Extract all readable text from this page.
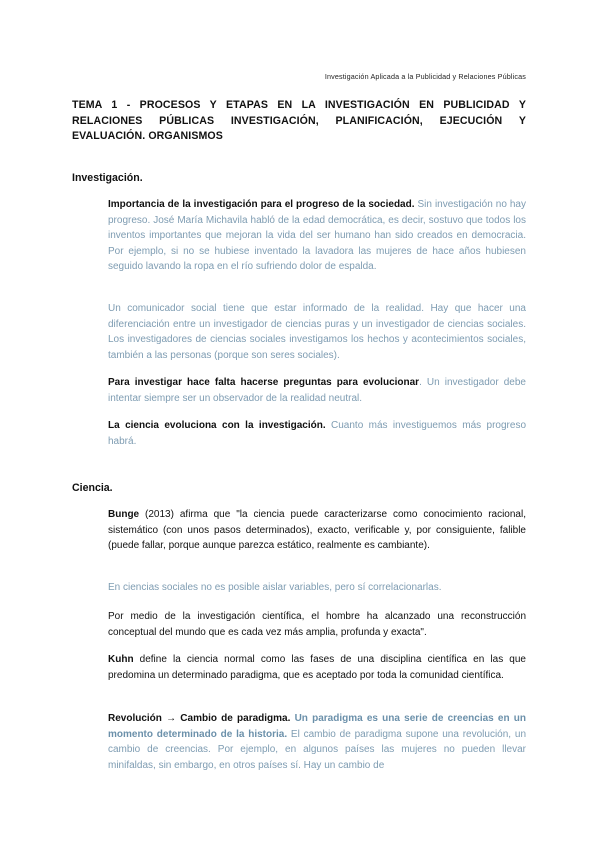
Investigación Aplicada a la Publicidad y Relaciones Públicas
TEMA 1 - PROCESOS Y ETAPAS EN LA INVESTIGACIÓN EN PUBLICIDAD Y RELACIONES PÚBLICAS INVESTIGACIÓN, PLANIFICACIÓN, EJECUCIÓN Y EVALUACIÓN. ORGANISMOS
Investigación.
Importancia de la investigación para el progreso de la sociedad. Sin investigación no hay progreso. José María Michavila habló de la edad democrática, es decir, sostuvo que todos los inventos importantes que mejoran la vida del ser humano han sido creados en democracia. Por ejemplo, si no se hubiese inventado la lavadora las mujeres de hace años hubiesen seguido lavando la ropa en el río sufriendo dolor de espalda.
Un comunicador social tiene que estar informado de la realidad. Hay que hacer una diferenciación entre un investigador de ciencias puras y un investigador de ciencias sociales. Los investigadores de ciencias sociales investigamos los hechos y acontecimientos sociales, también a las personas (porque son seres sociales).
Para investigar hace falta hacerse preguntas para evolucionar. Un investigador debe intentar siempre ser un observador de la realidad neutral.
La ciencia evoluciona con la investigación. Cuanto más investiguemos más progreso habrá.
Ciencia.
Bunge (2013) afirma que "la ciencia puede caracterizarse como conocimiento racional, sistemático (con unos pasos determinados), exacto, verificable y, por consiguiente, falible (puede fallar, porque aunque parezca estático, realmente es cambiante).
En ciencias sociales no es posible aislar variables, pero sí correlacionarlas.
Por medio de la investigación científica, el hombre ha alcanzado una reconstrucción conceptual del mundo que es cada vez más amplia, profunda y exacta".
Kuhn define la ciencia normal como las fases de una disciplina científica en las que predomina un determinado paradigma, que es aceptado por toda la comunidad científica.
Revolución → Cambio de paradigma. Un paradigma es una serie de creencias en un momento determinado de la historia. El cambio de paradigma supone una revolución, un cambio de creencias. Por ejemplo, en algunos países las mujeres no pueden llevar minifaldas, sin embargo, en otros países sí. Hay un cambio de
